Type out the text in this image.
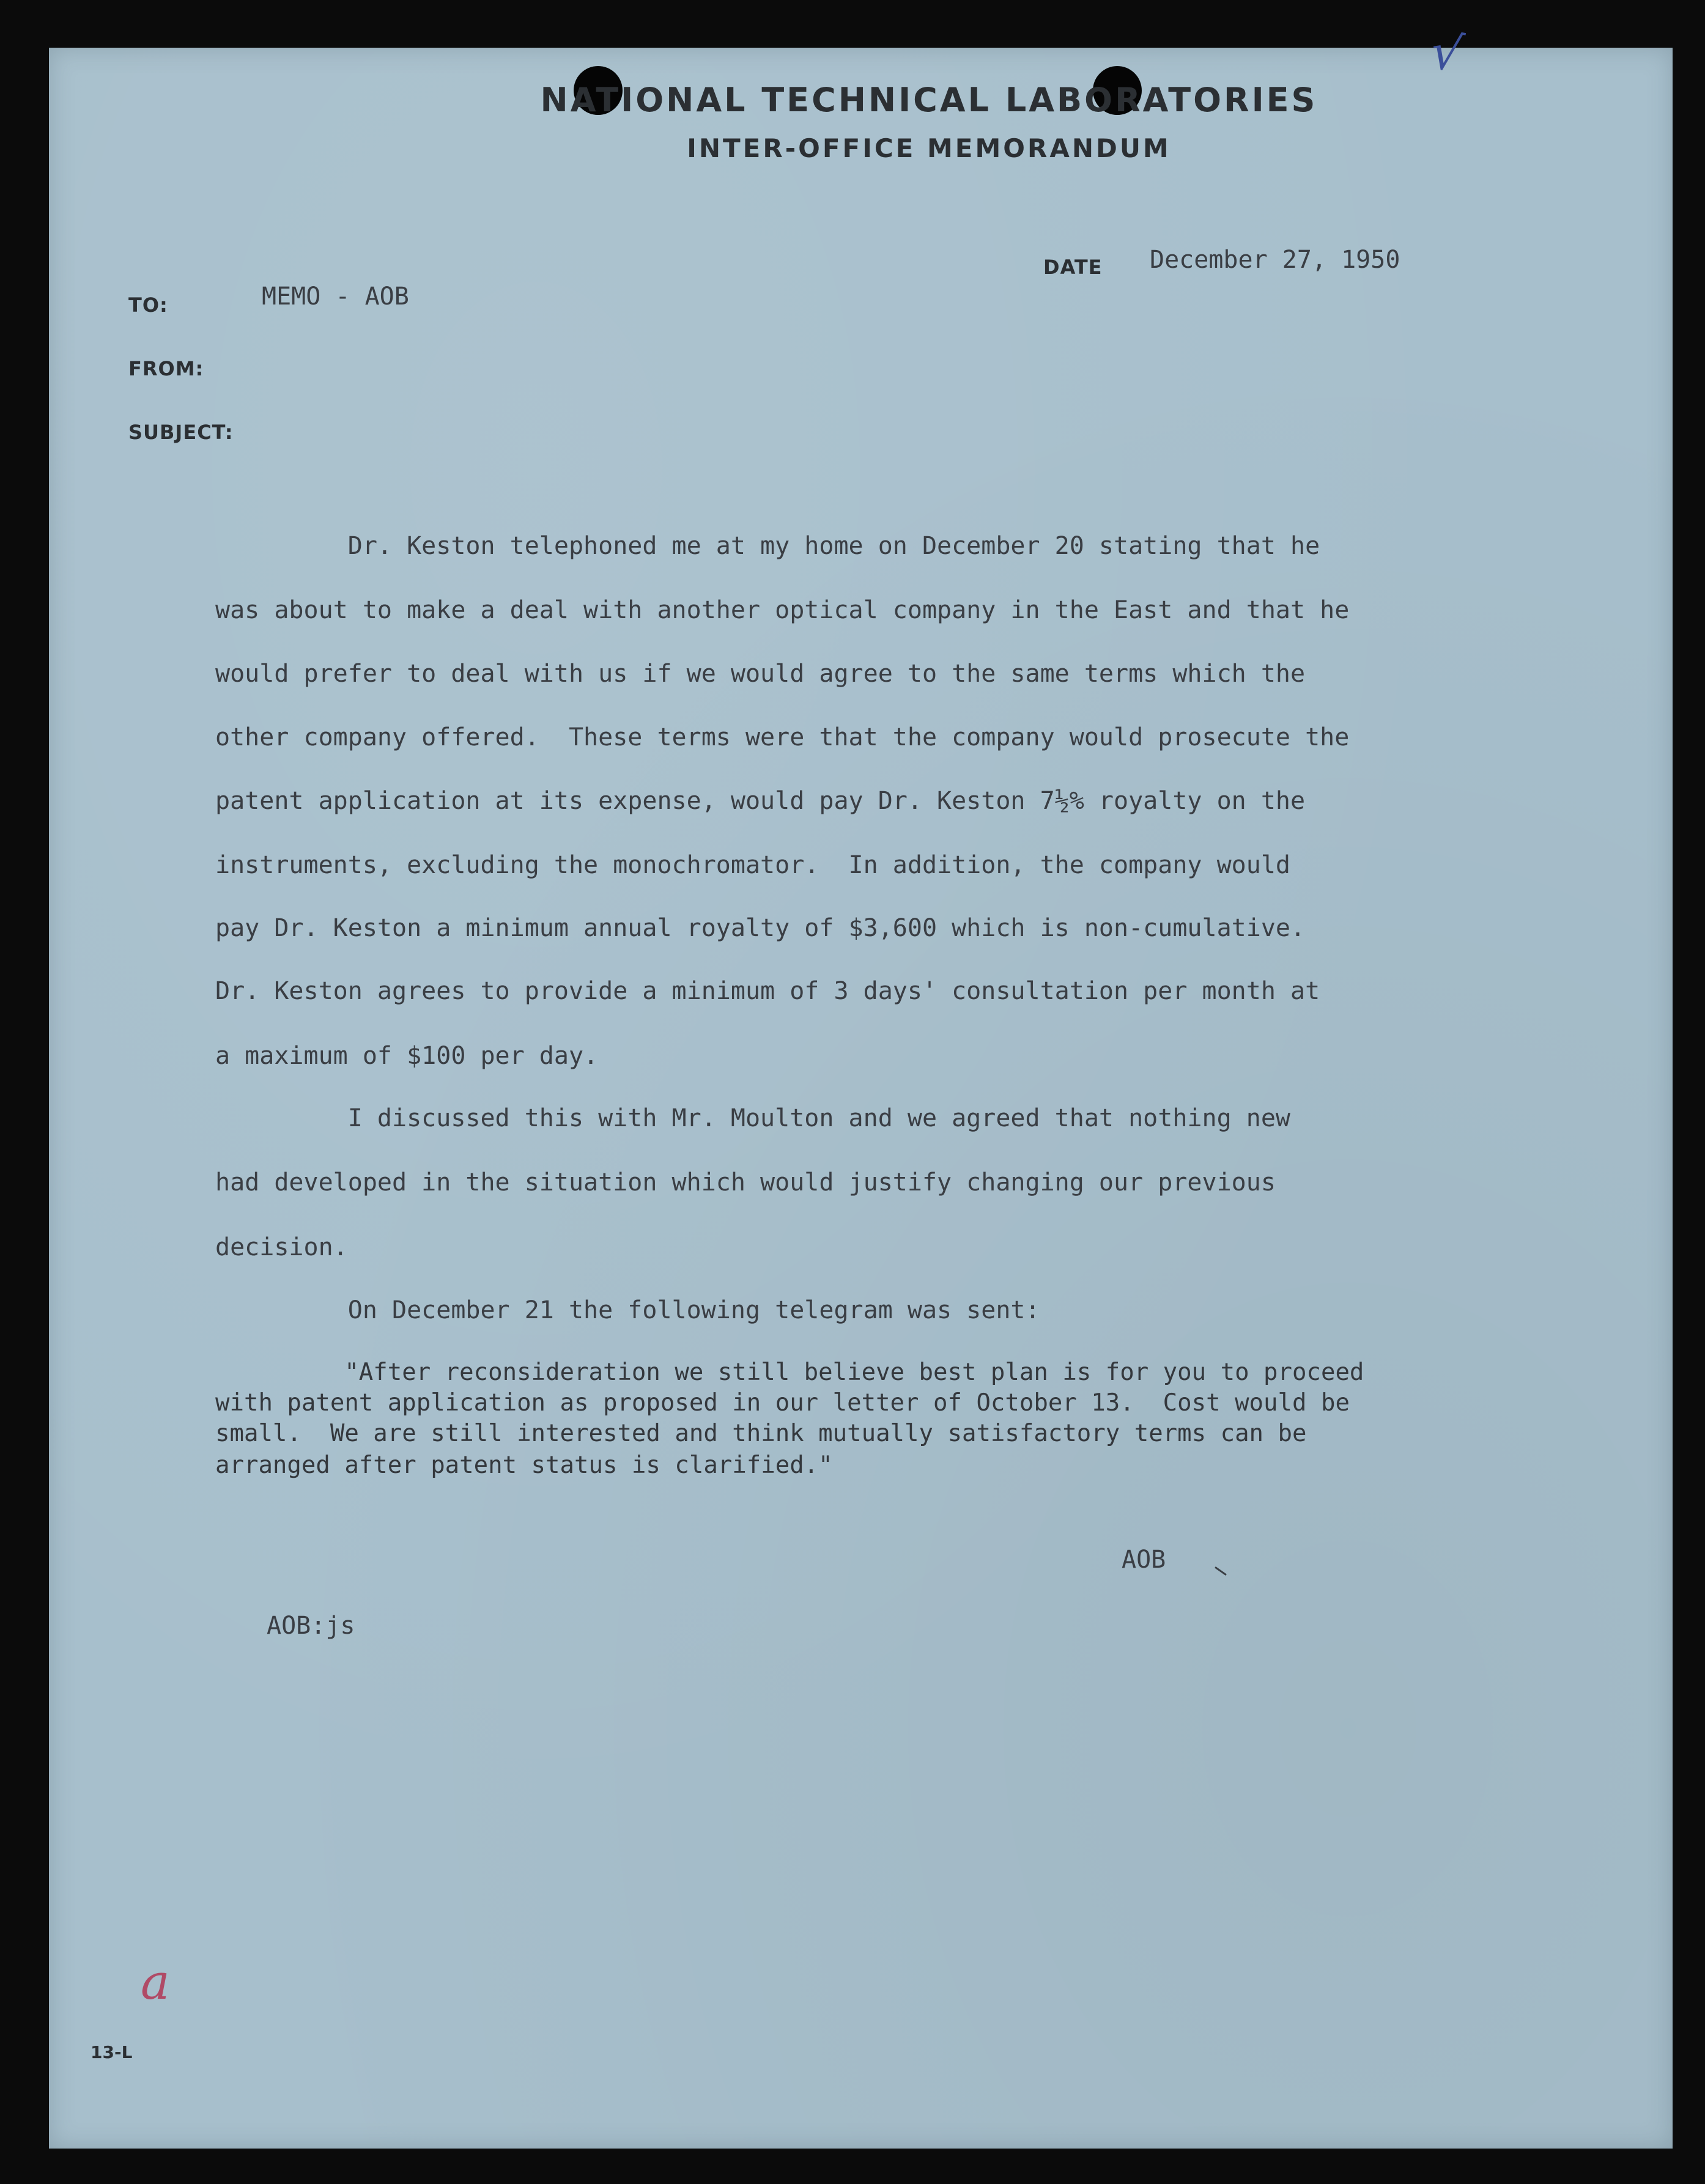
√
NATIONAL TECHNICAL LABORATORIES
INTER-OFFICE MEMORANDUM
DATE December 27, 1950
TO:	MEMO - AOB
FROM:
SUBJECT:
Dr. Keston telephoned me at my home on December 20 stating that he
was about to make a deal with another optical company in the East and that he
would prefer to deal with us if we would agree to the same terms which the
other company offered.  These terms were that the company would prosecute the
patent application at its expense, would pay Dr. Keston 7½% royalty on the
instruments, excluding the monochromator.  In addition, the company would
pay Dr. Keston a minimum annual royalty of $3,600 which is non-cumulative.
Dr. Keston agrees to provide a minimum of 3 days' consultation per month at
a maximum of $100 per day.
I discussed this with Mr. Moulton and we agreed that nothing new
had developed in the situation which would justify changing our previous
decision.
On December 21 the following telegram was sent:
"After reconsideration we still believe best plan is for you to proceed
with patent application as proposed in our letter of October 13.  Cost would be
small.  We are still interested and think mutually satisfactory terms can be
arranged after patent status is clarified."
AOB
AOB:js
a
13-L
